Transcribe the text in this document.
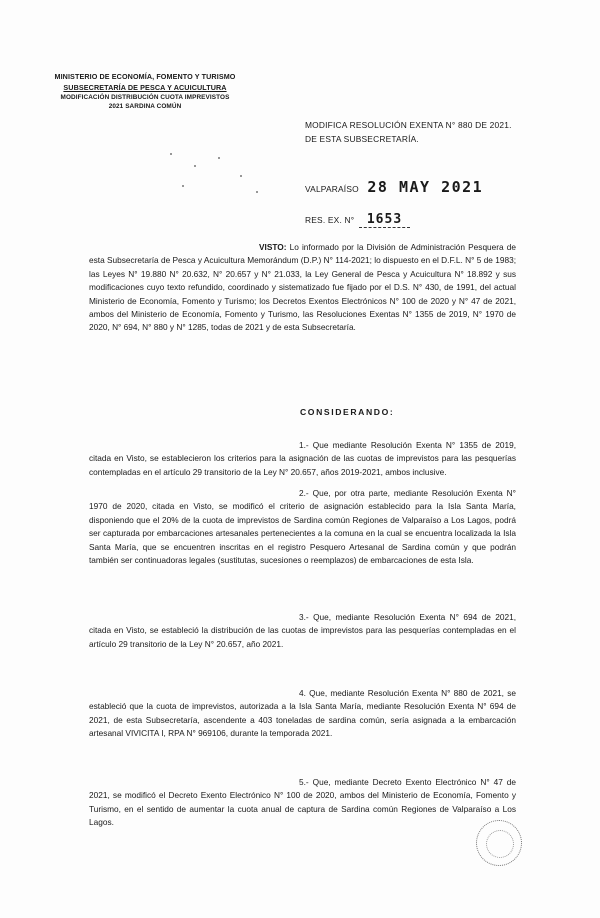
MINISTERIO DE ECONOMÍA, FOMENTO Y TURISMO
SUBSECRETARÍA DE PESCA Y ACUICULTURA
MODIFICACIÓN DISTRIBUCIÓN CUOTA IMPREVISTOS
2021 SARDINA COMÚN
MODIFICA RESOLUCIÓN EXENTA N° 880 DE 2021.
DE ESTA SUBSECRETARÍA.
VALPARAÍSO 28 MAY 2021
RES. EX. N° 1653
VISTO: Lo informado por la División de Administración Pesquera de esta Subsecretaría de Pesca y Acuicultura Memorándum (D.P.) N° 114-2021; lo dispuesto en el D.F.L. N° 5 de 1983; las Leyes N° 19.880 N° 20.632, N° 20.657 y N° 21.033, la Ley General de Pesca y Acuicultura N° 18.892 y sus modificaciones cuyo texto refundido, coordinado y sistematizado fue fijado por el D.S. N° 430, de 1991, del actual Ministerio de Economía, Fomento y Turismo; los Decretos Exentos Electrónicos N° 100 de 2020 y N° 47 de 2021, ambos del Ministerio de Economía, Fomento y Turismo, las Resoluciones Exentas N° 1355 de 2019, N° 1970 de 2020, N° 694, N° 880 y N° 1285, todas de 2021 y de esta Subsecretaría.
CONSIDERANDO:
1.- Que mediante Resolución Exenta N° 1355 de 2019, citada en Visto, se establecieron los criterios para la asignación de las cuotas de imprevistos para las pesquerías contempladas en el artículo 29 transitorio de la Ley N° 20.657, años 2019-2021, ambos inclusive.
2.- Que, por otra parte, mediante Resolución Exenta N° 1970 de 2020, citada en Visto, se modificó el criterio de asignación establecido para la Isla Santa María, disponiendo que el 20% de la cuota de imprevistos de Sardina común Regiones de Valparaíso a Los Lagos, podrá ser capturada por embarcaciones artesanales pertenecientes a la comuna en la cual se encuentra localizada la Isla Santa María, que se encuentren inscritas en el registro Pesquero Artesanal de Sardina común y que podrán también ser continuadoras legales (sustitutas, sucesiones o reemplazos) de embarcaciones de esta Isla.
3.- Que, mediante Resolución Exenta N° 694 de 2021, citada en Visto, se estableció la distribución de las cuotas de imprevistos para las pesquerías contempladas en el artículo 29 transitorio de la Ley N° 20.657, año 2021.
4. Que, mediante Resolución Exenta N° 880 de 2021, se estableció que la cuota de imprevistos, autorizada a la Isla Santa María, mediante Resolución Exenta N° 694 de 2021, de esta Subsecretaría, ascendente a 403 toneladas de sardina común, sería asignada a la embarcación artesanal VIVICITA I, RPA N° 969106, durante la temporada 2021.
5.- Que, mediante Decreto Exento Electrónico N° 47 de 2021, se modificó el Decreto Exento Electrónico N° 100 de 2020, ambos del Ministerio de Economía, Fomento y Turismo, en el sentido de aumentar la cuota anual de captura de Sardina común Regiones de Valparaíso a Los Lagos.
